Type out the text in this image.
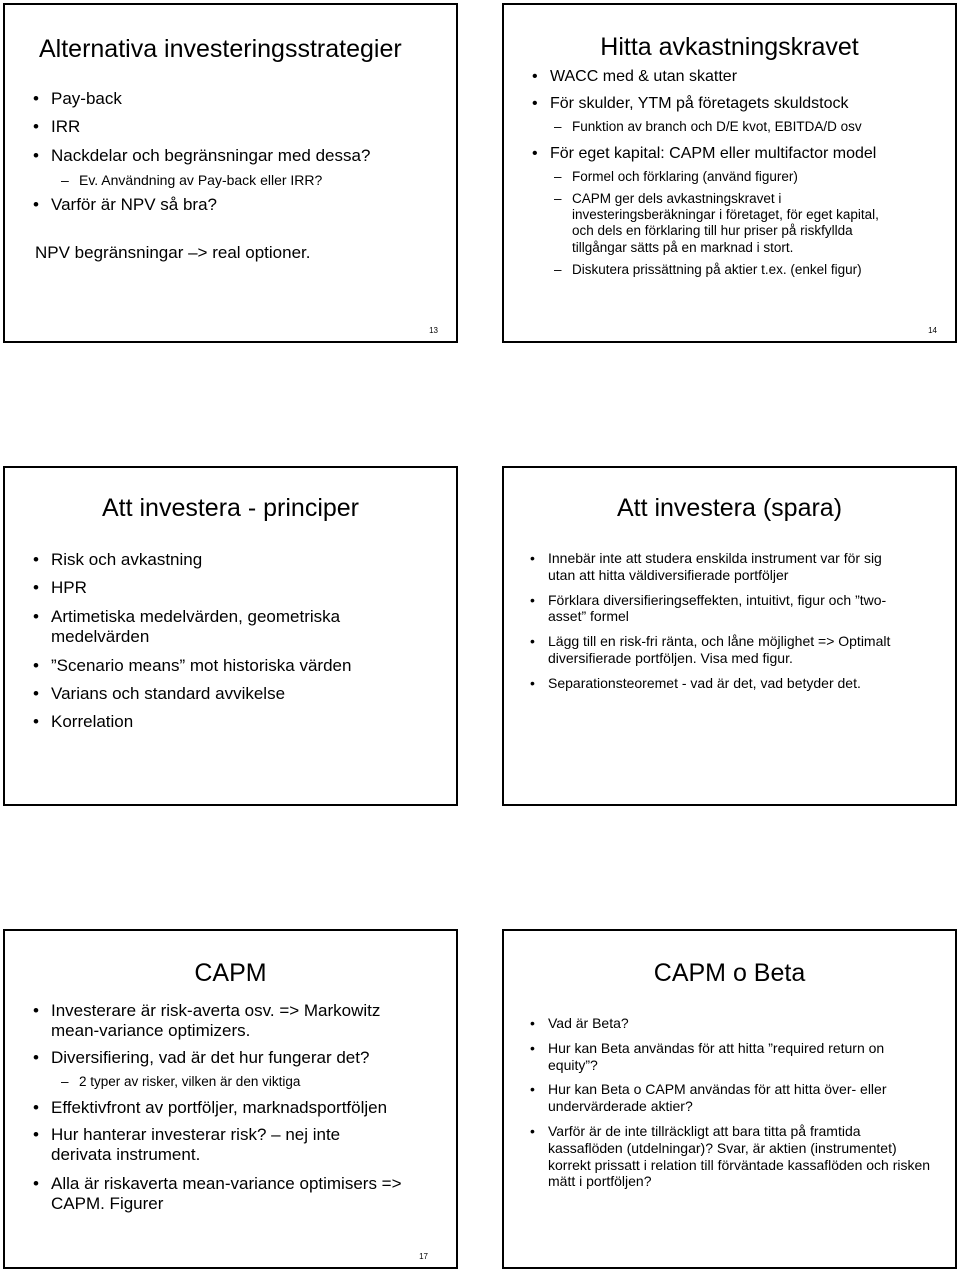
Alternativa investeringsstrategier
• Pay-back
• IRR
• Nackdelar och begränsningar med dessa?
– Ev. Användning av Pay-back eller IRR?
• Varför är NPV så bra?
NPV begränsningar –> real optioner.
13
Hitta avkastningskravet
• WACC med & utan skatter
• För skulder, YTM på företagets skuldstock
– Funktion av branch och D/E kvot, EBITDA/D osv
• För eget kapital: CAPM eller multifactor model
– Formel och förklaring (använd figurer)
– CAPM ger dels avkastningskravet i investeringsberäkningar i företaget, för eget kapital, och dels en förklaring till hur priser på riskfyllda tillgångar sätts på en marknad i stort.
– Diskutera prissättning på aktier t.ex. (enkel figur)
14
Att investera - principer
• Risk och avkastning
• HPR
• Artimetiska medelvärden, geometriska medelvärden
• ”Scenario means” mot historiska värden
• Varians och standard avvikelse
• Korrelation
Att investera (spara)
• Innebär inte att studera enskilda instrument var för sig utan att hitta väldiversifierade portföljer
• Förklara diversifieringseffekten, intuitivt, figur och ”two-asset” formel
• Lägg till en risk-fri ränta, och låne möjlighet => Optimalt diversifierade portföljen. Visa med figur.
• Separationsteoremet - vad är det, vad betyder det.
CAPM
• Investerare är risk-averta osv. => Markowitz mean-variance optimizers.
• Diversifiering, vad är det hur fungerar det?
– 2 typer av risker, vilken är den viktiga
• Effektivfront av portföljer, marknadsportföljen
• Hur hanterar investerar risk? – nej inte derivata instrument.
• Alla är riskaverta mean-variance optimisers => CAPM. Figurer
17
CAPM o Beta
• Vad är Beta?
• Hur kan Beta användas för att hitta ”required return on equity”?
• Hur kan Beta o CAPM användas för att hitta över- eller undervärderade aktier?
• Varför är de inte tillräckligt att bara titta på framtida kassaflöden (utdelningar)? Svar, är aktien (instrumentet) korrekt prissatt i relation till förväntade kassaflöden och risken mätt i portföljen?
